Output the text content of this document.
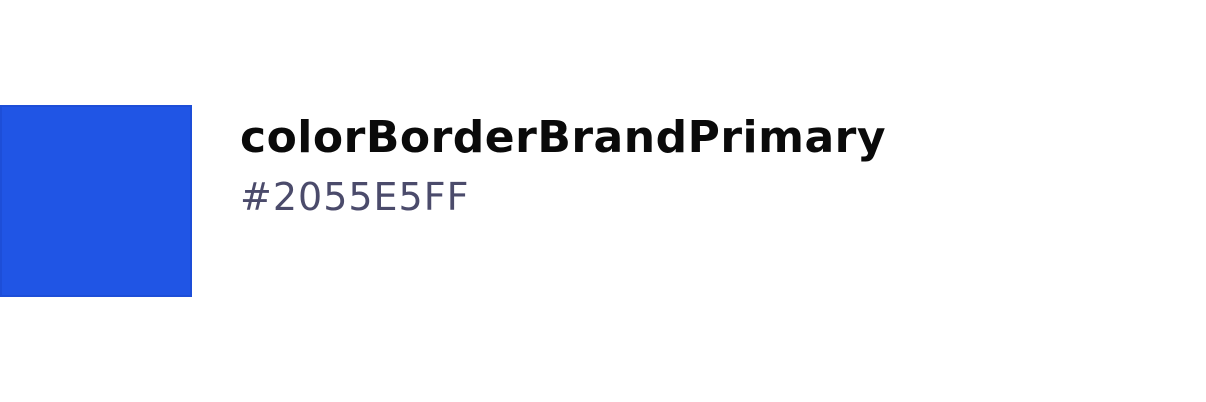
colorBorderBrandPrimary
#2055E5FF
